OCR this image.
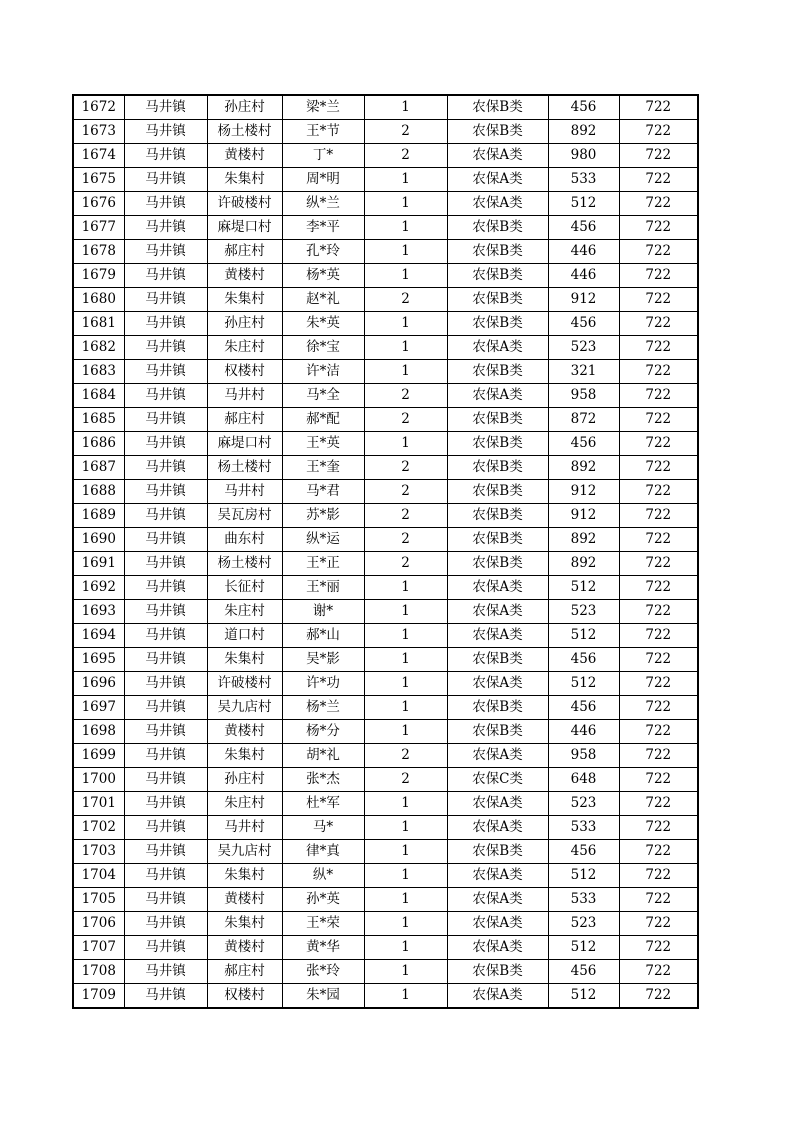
1672	马井镇	孙庄村	梁*兰	1	农保B类	456	722
1673	马井镇	杨土楼村	王*节	2	农保B类	892	722
1674	马井镇	黄楼村	丁*	2	农保A类	980	722
1675	马井镇	朱集村	周*明	1	农保A类	533	722
1676	马井镇	许破楼村	纵*兰	1	农保A类	512	722
1677	马井镇	麻堤口村	李*平	1	农保B类	456	722
1678	马井镇	郝庄村	孔*玲	1	农保B类	446	722
1679	马井镇	黄楼村	杨*英	1	农保B类	446	722
1680	马井镇	朱集村	赵*礼	2	农保B类	912	722
1681	马井镇	孙庄村	朱*英	1	农保B类	456	722
1682	马井镇	朱庄村	徐*宝	1	农保A类	523	722
1683	马井镇	权楼村	许*洁	1	农保B类	321	722
1684	马井镇	马井村	马*全	2	农保A类	958	722
1685	马井镇	郝庄村	郝*配	2	农保B类	872	722
1686	马井镇	麻堤口村	王*英	1	农保B类	456	722
1687	马井镇	杨土楼村	王*奎	2	农保B类	892	722
1688	马井镇	马井村	马*君	2	农保B类	912	722
1689	马井镇	吴瓦房村	苏*影	2	农保B类	912	722
1690	马井镇	曲东村	纵*运	2	农保B类	892	722
1691	马井镇	杨土楼村	王*正	2	农保B类	892	722
1692	马井镇	长征村	王*丽	1	农保A类	512	722
1693	马井镇	朱庄村	谢*	1	农保A类	523	722
1694	马井镇	道口村	郝*山	1	农保A类	512	722
1695	马井镇	朱集村	吴*影	1	农保B类	456	722
1696	马井镇	许破楼村	许*功	1	农保A类	512	722
1697	马井镇	吴九店村	杨*兰	1	农保B类	456	722
1698	马井镇	黄楼村	杨*分	1	农保B类	446	722
1699	马井镇	朱集村	胡*礼	2	农保A类	958	722
1700	马井镇	孙庄村	张*杰	2	农保C类	648	722
1701	马井镇	朱庄村	杜*军	1	农保A类	523	722
1702	马井镇	马井村	马*	1	农保A类	533	722
1703	马井镇	吴九店村	律*真	1	农保B类	456	722
1704	马井镇	朱集村	纵*	1	农保A类	512	722
1705	马井镇	黄楼村	孙*英	1	农保A类	533	722
1706	马井镇	朱集村	王*荣	1	农保A类	523	722
1707	马井镇	黄楼村	黄*华	1	农保A类	512	722
1708	马井镇	郝庄村	张*玲	1	农保B类	456	722
1709	马井镇	权楼村	朱*园	1	农保A类	512	722
